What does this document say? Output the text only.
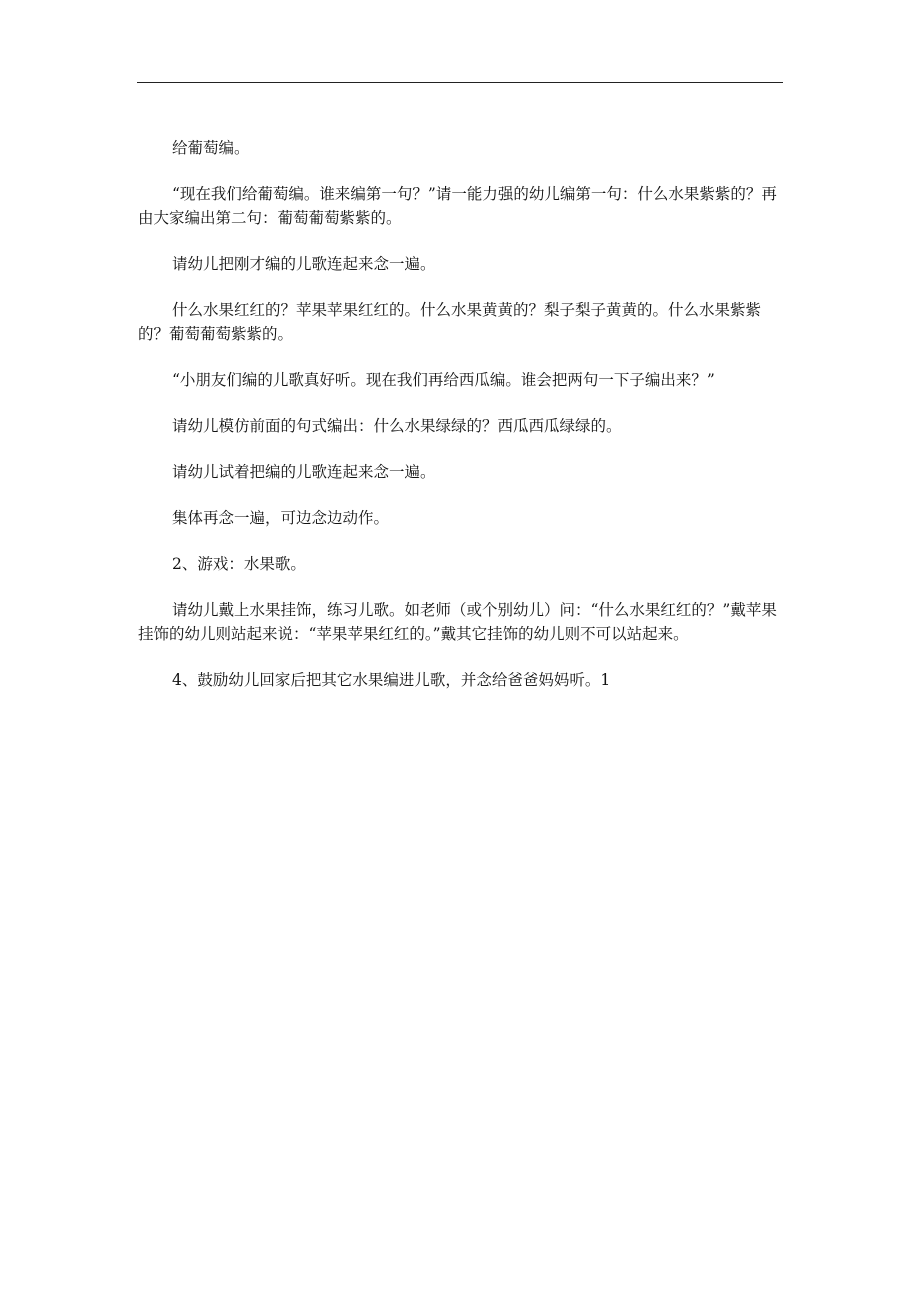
给葡萄编。

“现在我们给葡萄编。谁来编第一句？”请一能力强的幼儿编第一句：什么水果紫紫的？再由大家编出第二句：葡萄葡萄紫紫的。

请幼儿把刚才编的儿歌连起来念一遍。

什么水果红红的？苹果苹果红红的。什么水果黄黄的？梨子梨子黄黄的。什么水果紫紫的？葡萄葡萄紫紫的。

“小朋友们编的儿歌真好听。现在我们再给西瓜编。谁会把两句一下子编出来？”

请幼儿模仿前面的句式编出：什么水果绿绿的？西瓜西瓜绿绿的。

请幼儿试着把编的儿歌连起来念一遍。

集体再念一遍，可边念边动作。

2、游戏：水果歌。

请幼儿戴上水果挂饰，练习儿歌。如老师（或个别幼儿）问：“什么水果红红的？”戴苹果挂饰的幼儿则站起来说：“苹果苹果红红的。”戴其它挂饰的幼儿则不可以站起来。

4、鼓励幼儿回家后把其它水果编进儿歌，并念给爸爸妈妈听。1
